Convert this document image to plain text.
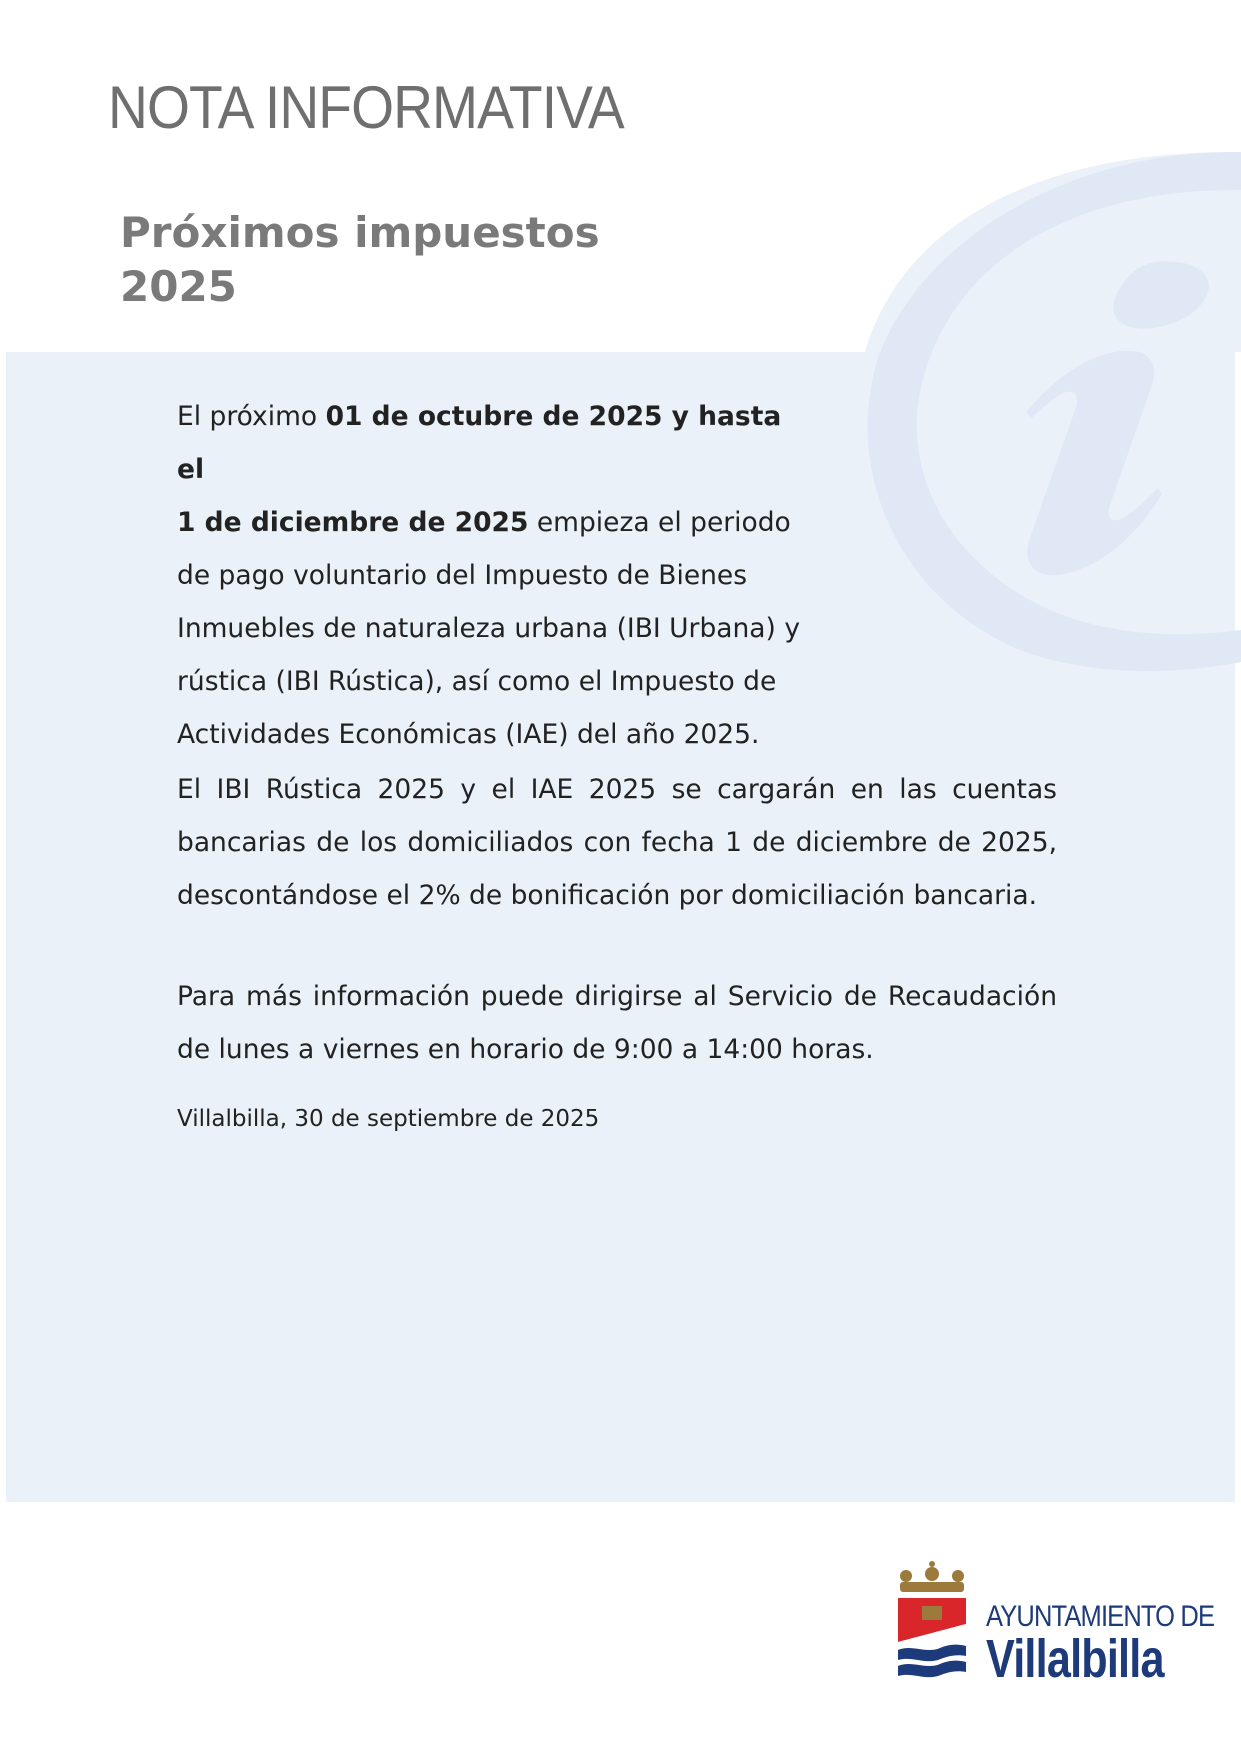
NOTA INFORMATIVA
Próximos impuestos
2025
El próximo 01 de octubre de 2025 y hasta el
1 de diciembre de 2025 empieza el periodo de pago voluntario del Impuesto de Bienes Inmuebles de naturaleza urbana (IBI Urbana) y rústica (IBI Rústica), así como el Impuesto de Actividades Económicas (IAE) del año 2025.
El IBI Rústica 2025 y el IAE 2025 se cargarán en las cuentas bancarias de los domiciliados con fecha 1 de diciembre de 2025, descontándose el 2% de bonificación por domiciliación bancaria.
Para más información puede dirigirse al Servicio de Recaudación de lunes a viernes en horario de 9:00 a 14:00 horas.
Villalbilla, 30 de septiembre de 2025
AYUNTAMIENTO DE
Villalbilla
